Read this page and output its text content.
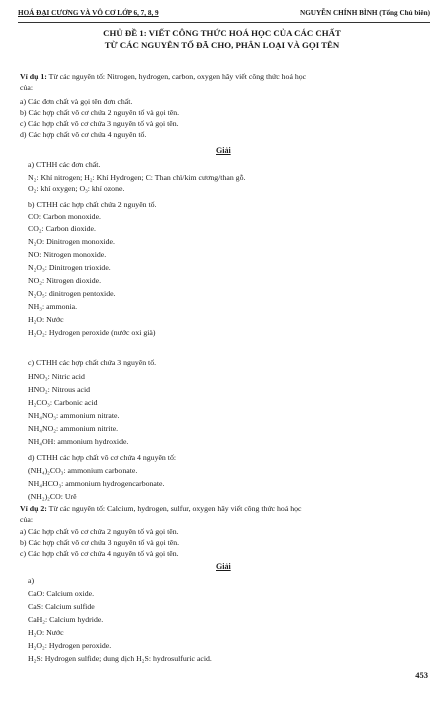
HOÁ ĐẠI CƯƠNG VÀ VÔ CƠ LỚP 6, 7, 8, 9	NGUYỄN CHÍNH BÌNH (Tổng Chủ biên)
CHỦ ĐỀ 1: VIẾT CÔNG THỨC HOÁ HỌC CỦA CÁC CHẤT
TỪ CÁC NGUYÊN TỐ ĐÃ CHO, PHÂN LOẠI VÀ GỌI TÊN
Ví dụ 1: Từ các nguyên tố: Nitrogen, hydrogen, carbon, oxygen hãy viết công thức hoá học
của:
a) Các đơn chất và gọi tên đơn chất.
b) Các hợp chất vô cơ chứa 2 nguyên tố và gọi tên.
c) Các hợp chất vô cơ chứa 3 nguyên tố và gọi tên.
d) Các hợp chất vô cơ chứa 4 nguyên tố.
Giải
a) CTHH các đơn chất.
N₂: Khí nitrogen; H₂: Khí Hydrogen; C: Than chì/kim cương/than gỗ.
O₂: khí oxygen; O₃: khí ozone.
b) CTHH các hợp chất chứa 2 nguyên tố.
CO: Carbon monoxide.
CO₂: Carbon dioxide.
N₂O: Dinitrogen monoxide.
NO: Nitrogen monoxide.
N₂O₃: Dinitrogen trioxide.
NO₂: Nitrogen dioxide.
N₂O₅: dinitrogen pentoxide.
NH₃: ammonia.
H₂O: Nước
H₂O₂: Hydrogen peroxide (nước oxi già)
c) CTHH các hợp chất chứa 3 nguyên tố.
HNO₃: Nitric acid
HNO₂: Nitrous acid
H₂CO₃: Carbonic acid
NH₄NO₃: ammonium nitrate.
NH₄NO₂: ammonium nitrite.
NH₄OH: ammonium hydroxide.
d) CTHH các hợp chất vô cơ chứa 4 nguyên tố:
(NH₄)₂CO₃: ammonium carbonate.
NH₄HCO₃: ammonium hydrogencarbonate.
(NH₂)₂CO: Urê
Ví dụ 2: Từ các nguyên tố: Calcium, hydrogen, sulfur, oxygen hãy viết công thức hoá học
của:
a) Các hợp chất vô cơ chứa 2 nguyên tố và gọi tên.
b) Các hợp chất vô cơ chứa 3 nguyên tố và gọi tên.
c) Các hợp chất vô cơ chứa 4 nguyên tố và gọi tên.
Giải
a)
CaO: Calcium oxide.
CaS: Calcium sulfide
CaH₂: Calcium hydride.
H₂O: Nước
H₂O₂: Hydrogen peroxide.
H₂S: Hydrogen sulfide; dung dịch H₂S: hydrosulfuric acid.
453
